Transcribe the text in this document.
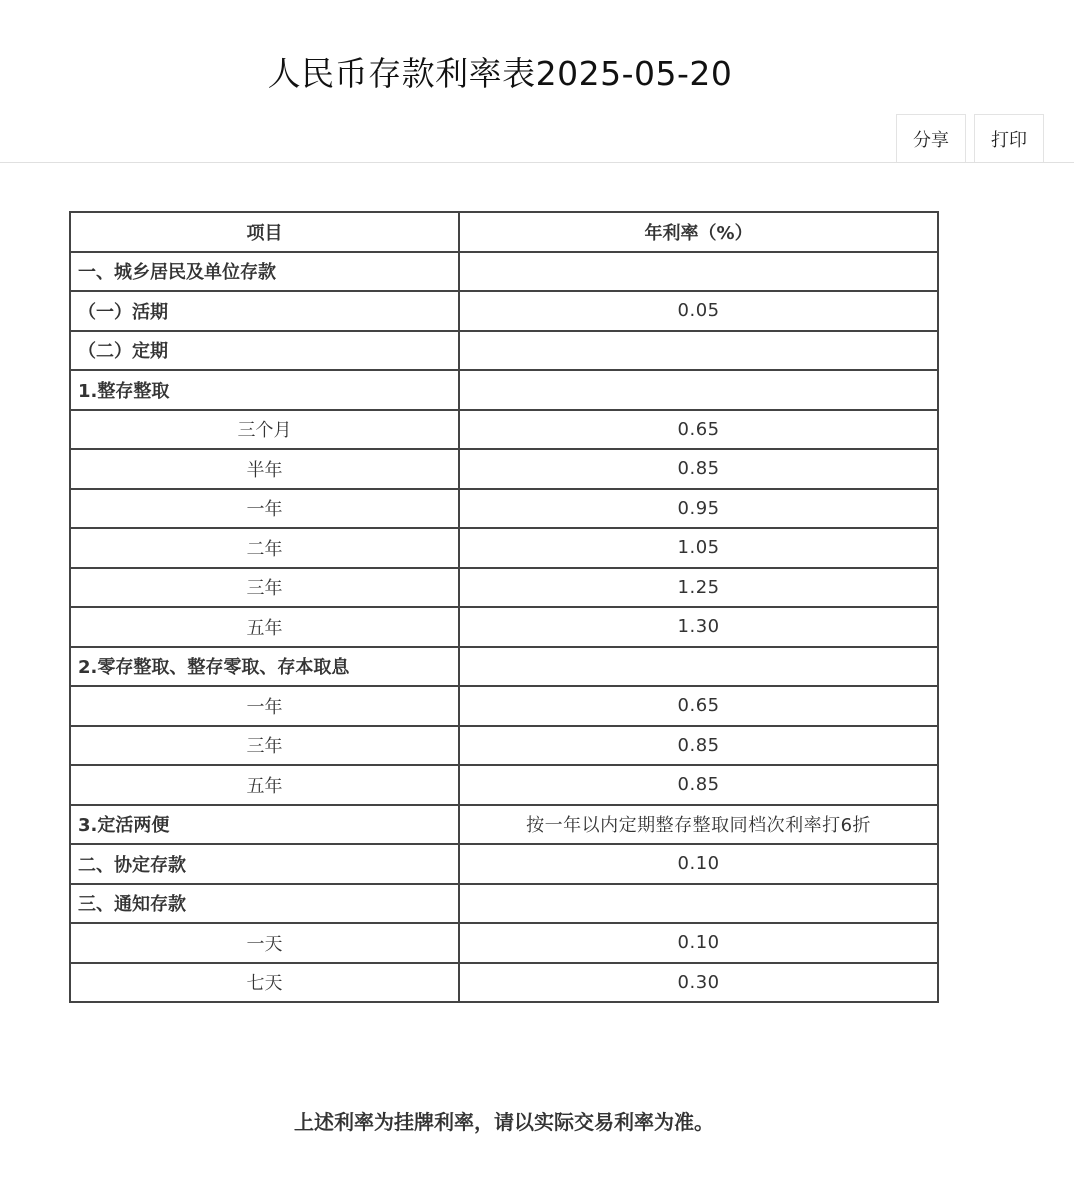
人民币存款利率表2025-05-20
分享	打印
项目	年利率（%）
一、城乡居民及单位存款	
（一）活期	0.05
（二）定期	
1.整存整取	
三个月	0.65
半年	0.85
一年	0.95
二年	1.05
三年	1.25
五年	1.30
2.零存整取、整存零取、存本取息	
一年	0.65
三年	0.85
五年	0.85
3.定活两便	按一年以内定期整存整取同档次利率打6折
二、协定存款	0.10
三、通知存款	
一天	0.10
七天	0.30

上述利率为挂牌利率，请以实际交易利率为准。
